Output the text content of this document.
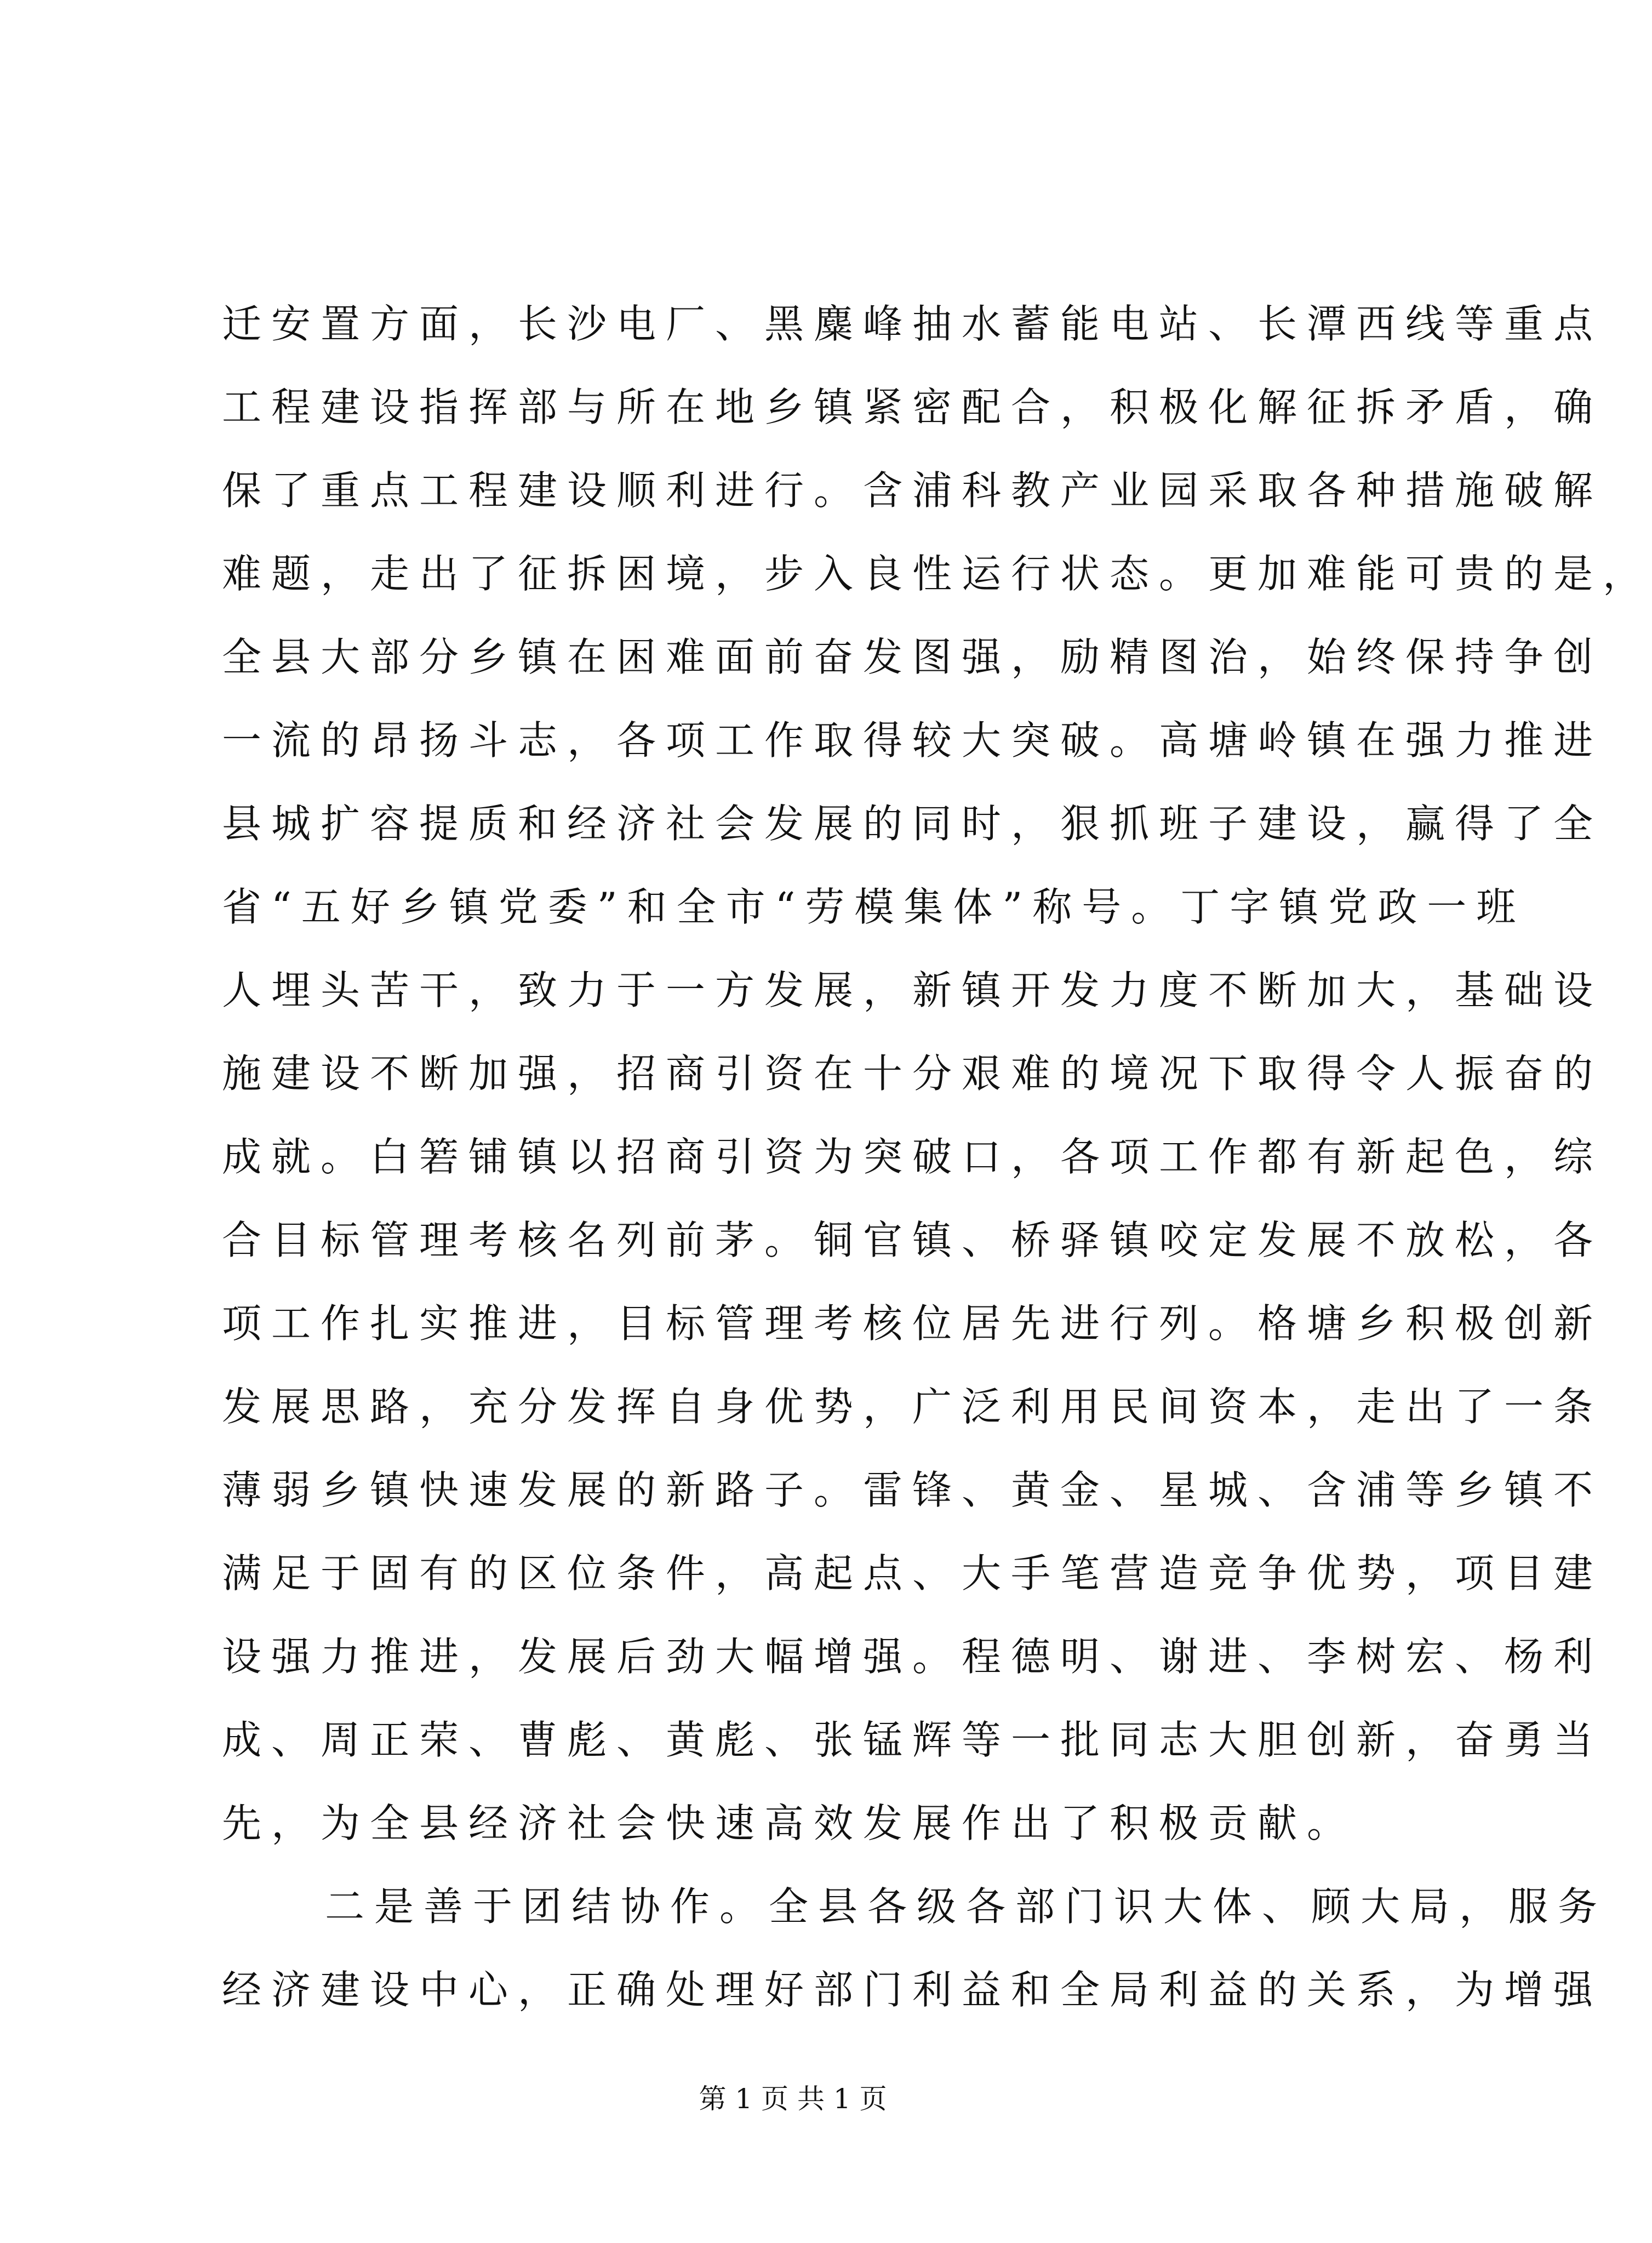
迁安置方面，长沙电厂、黑麋峰抽水蓄能电站、长潭西线等重点
工程建设指挥部与所在地乡镇紧密配合，积极化解征拆矛盾，确
保了重点工程建设顺利进行。含浦科教产业园采取各种措施破解
难题，走出了征拆困境，步入良性运行状态。更加难能可贵的是，
全县大部分乡镇在困难面前奋发图强，励精图治，始终保持争创
一流的昂扬斗志，各项工作取得较大突破。高塘岭镇在强力推进
县城扩容提质和经济社会发展的同时，狠抓班子建设，赢得了全
省“五好乡镇党委”和全市“劳模集体”称号。丁字镇党政一班
人埋头苦干，致力于一方发展，新镇开发力度不断加大，基础设
施建设不断加强，招商引资在十分艰难的境况下取得令人振奋的
成就。白箬铺镇以招商引资为突破口，各项工作都有新起色，综
合目标管理考核名列前茅。铜官镇、桥驿镇咬定发展不放松，各
项工作扎实推进，目标管理考核位居先进行列。格塘乡积极创新
发展思路，充分发挥自身优势，广泛利用民间资本，走出了一条
薄弱乡镇快速发展的新路子。雷锋、黄金、星城、含浦等乡镇不
满足于固有的区位条件，高起点、大手笔营造竞争优势，项目建
设强力推进，发展后劲大幅增强。程德明、谢进、李树宏、杨利
成、周正荣、曹彪、黄彪、张锰辉等一批同志大胆创新，奋勇当
先，为全县经济社会快速高效发展作出了积极贡献。
二是善于团结协作。全县各级各部门识大体、顾大局，服务
经济建设中心，正确处理好部门利益和全局利益的关系，为增强
第 1 页 共 1 页
